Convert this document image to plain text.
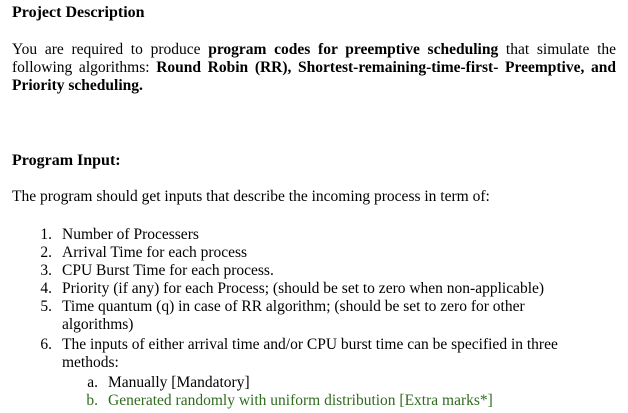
Project Description
You are required to produce program codes for preemptive scheduling that simulate the following algorithms: Round Robin (RR), Shortest-remaining-time-first- Preemptive, and Priority scheduling.
Program Input:
The program should get inputs that describe the incoming process in term of:
1. Number of Processers
2. Arrival Time for each process
3. CPU Burst Time for each process.
4. Priority (if any) for each Process; (should be set to zero when non-applicable)
5. Time quantum (q) in case of RR algorithm; (should be set to zero for other
algorithms)
6. The inputs of either arrival time and/or CPU burst time can be specified in three
methods:
a. Manually [Mandatory]
b. Generated randomly with uniform distribution [Extra marks*]
